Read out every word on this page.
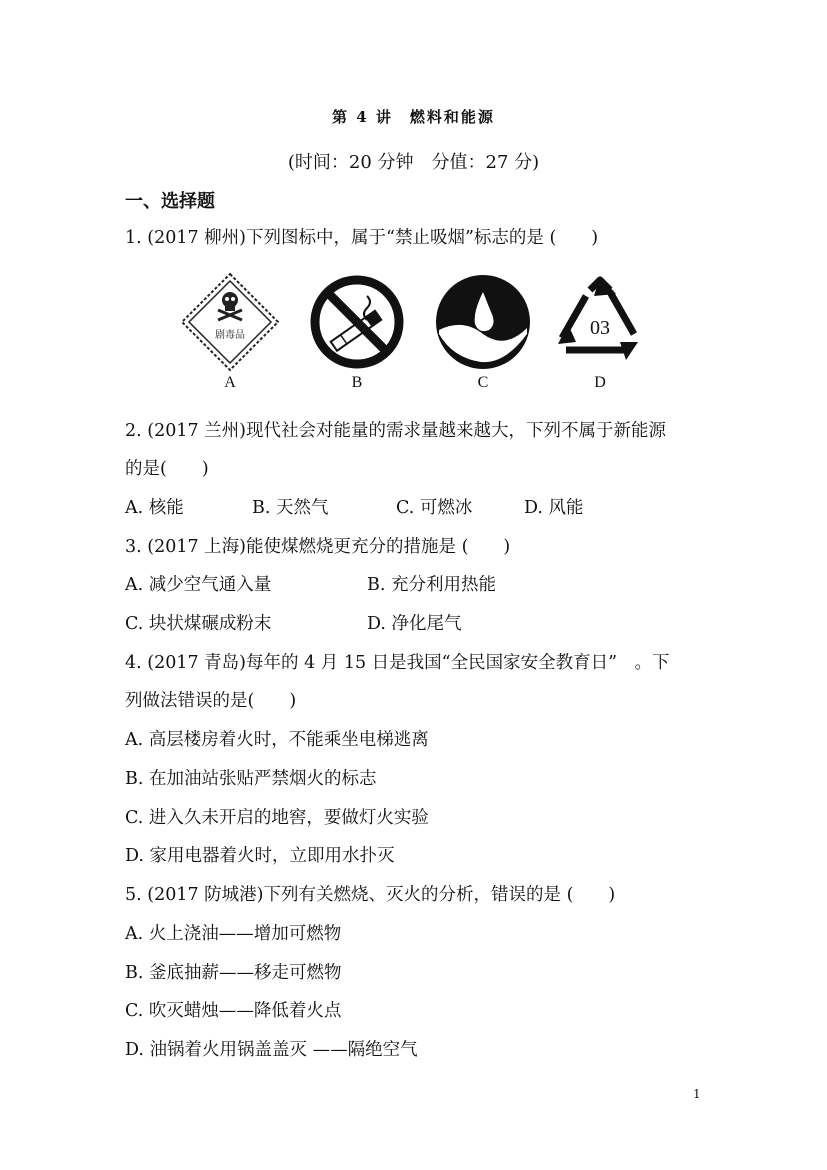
第 4 讲　燃料和能源
(时间：20 分钟　分值：27 分)
一、选择题
1. (2017 柳州)下列图标中，属于“禁止吸烟”标志的是 (　　)
剧毒品
A	B	C
03
D
2. (2017 兰州)现代社会对能量的需求量越来越大，下列不属于新能源
的是(　　)
A. 核能	B. 天然气	C. 可燃冰	D. 风能
3. (2017 上海)能使煤燃烧更充分的措施是 (　　)
A. 减少空气通入量	B. 充分利用热能
C. 块状煤碾成粉末	D. 净化尾气
4. (2017 青岛)每年的 4 月 15 日是我国“全民国家安全教育日”　。下
列做法错误的是(　　)
A. 高层楼房着火时，不能乘坐电梯逃离
B. 在加油站张贴严禁烟火的标志
C. 进入久未开启的地窖，要做灯火实验
D. 家用电器着火时，立即用水扑灭
5. (2017 防城港)下列有关燃烧、灭火的分析，错误的是 (　　)
A. 火上浇油——增加可燃物
B. 釜底抽薪——移走可燃物
C. 吹灭蜡烛——降低着火点
D. 油锅着火用锅盖盖灭 ——隔绝空气
1
